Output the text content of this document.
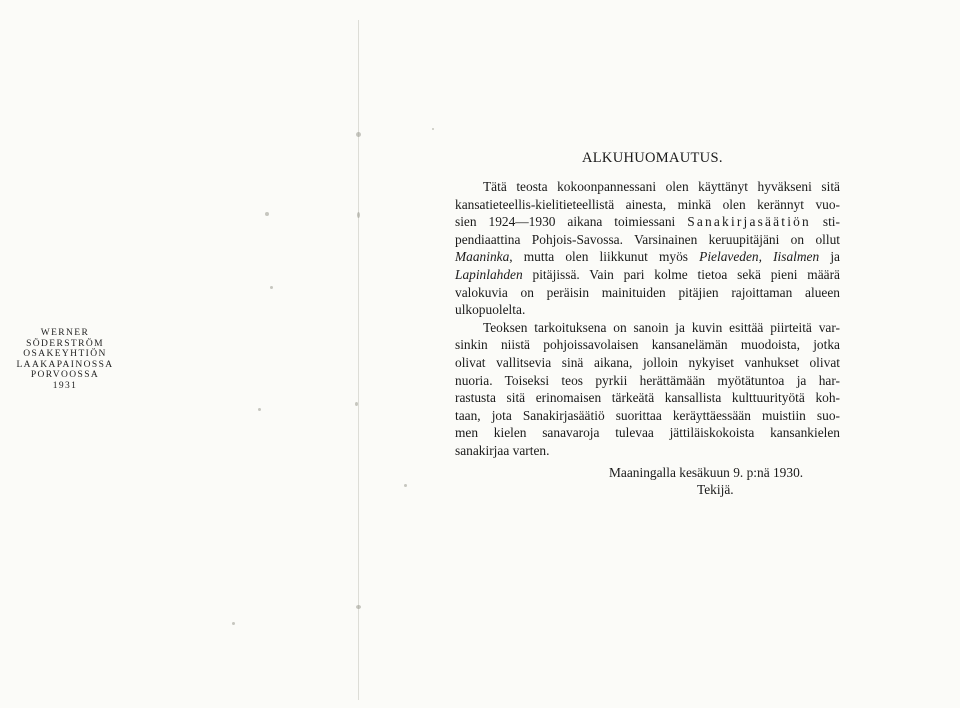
WERNER
SÖDERSTRÖM
OSAKEYHTIÖN
LAAKAPAINOSSA
PORVOOSSA
1931
ALKUHUOMAUTUS.
Tätä teosta kokoonpannessani olen käyttänyt hyväkseni sitä
kansatieteellis-kielitieteellistä ainesta, minkä olen kerännyt vuo-
sien 1924—1930 aikana toimiessani Sanakirjasäätiön sti-
pendiaattina Pohjois-Savossa. Varsinainen keruupitäjäni on ollut
Maaninka, mutta olen liikkunut myös Pielaveden, Iisalmen ja
Lapinlahden pitäjissä. Vain pari kolme tietoa sekä pieni määrä
valokuvia on peräisin mainituiden pitäjien rajoittaman alueen
ulkopuolelta.
Teoksen tarkoituksena on sanoin ja kuvin esittää piirteitä var-
sinkin niistä pohjoissavolaisen kansanelämän muodoista, jotka
olivat vallitsevia sinä aikana, jolloin nykyiset vanhukset olivat
nuoria. Toiseksi teos pyrkii herättämään myötätuntoa ja har-
rastusta sitä erinomaisen tärkeätä kansallista kulttuurityötä koh-
taan, jota Sanakirjasäätiö suorittaa keräyttäessään muistiin suo-
men kielen sanavaroja tulevaa jättiläiskokoista kansankielen
sanakirjaa varten.
Maaningalla kesäkuun 9. p:nä 1930.
Tekijä.
